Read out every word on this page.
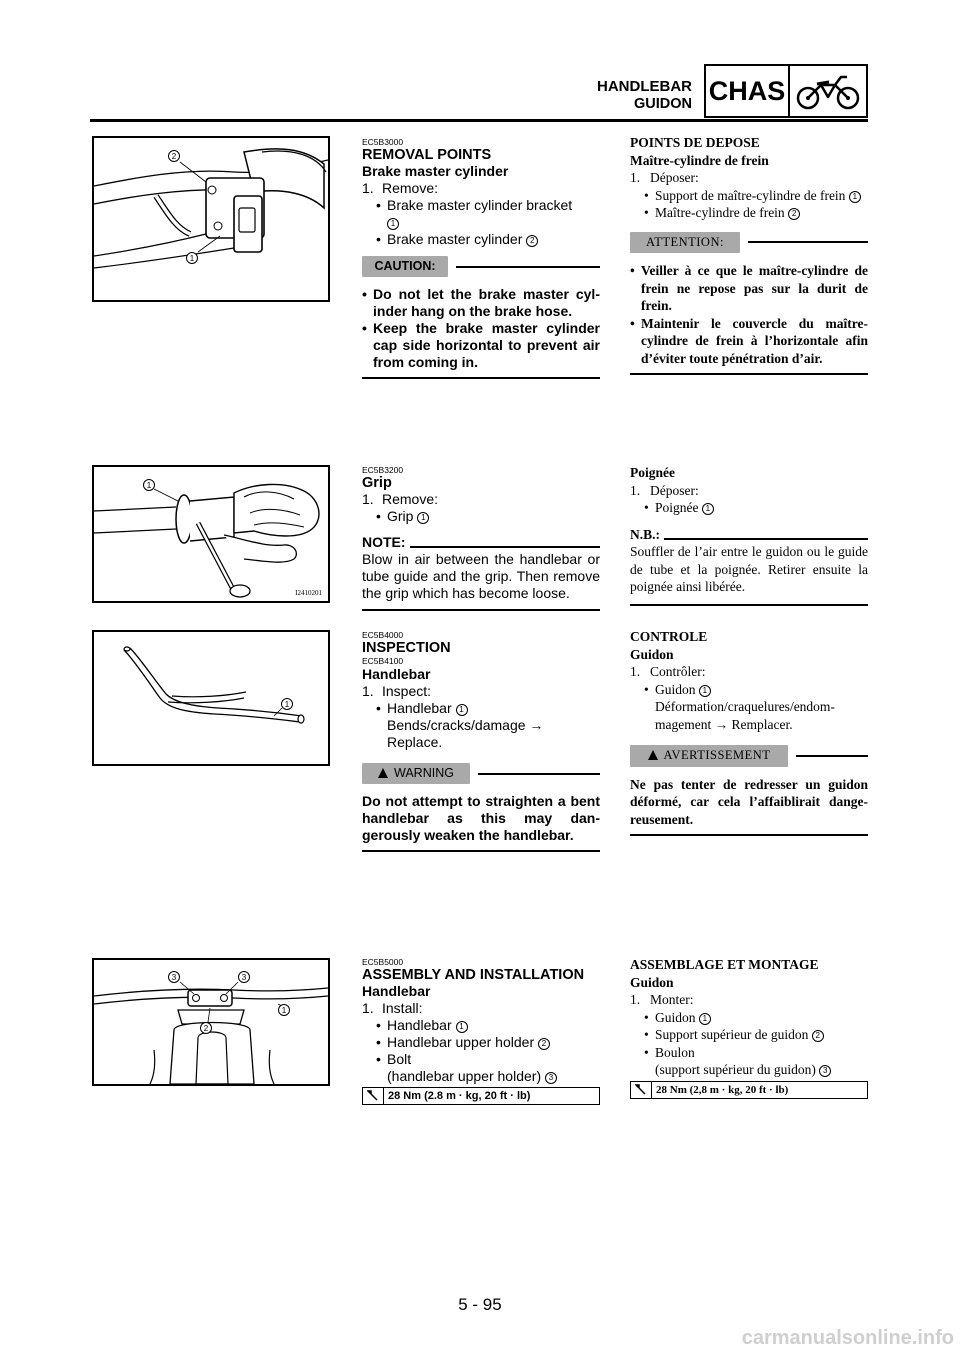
HANDLEBAR
GUIDON CHAS
2
1
EC5B3000
REMOVAL POINTS
Brake master cylinder
1. Remove:
• Brake master cylinder bracket
1
• Brake master cylinder 2
CAUTION:
• Do not let the brake master cyl-inder hang on the brake hose.
• Keep the brake master cylinder cap side horizontal to prevent air from coming in.
POINTS DE DEPOSE
Maître-cylindre de frein
1. Déposer:
• Support de maître-cylindre de frein 1
• Maître-cylindre de frein 2
ATTENTION:
• Veiller à ce que le maître-cylindre de frein ne repose pas sur la durit de frein.
• Maintenir le couvercle du maître-cylindre de frein à l’horizontale afin d’éviter toute pénétration d’air.
1
I2410201
EC5B3200
Grip
1. Remove:
• Grip 1
NOTE:
Blow in air between the handlebar or tube guide and the grip. Then remove the grip which has become loose.
Poignée
1. Déposer:
• Poignée 1
N.B.:
Souffler de l’air entre le guidon ou le guide de tube et la poignée. Retirer ensuite la poignée ainsi libérée.
1
EC5B4000
INSPECTION
EC5B4100
Handlebar
1. Inspect:
• Handlebar 1
Bends/cracks/damage → Replace.
WARNING
Do not attempt to straighten a bent handlebar as this may dan-gerously weaken the handlebar.
CONTROLE
Guidon
1. Contrôler:
• Guidon 1
Déformation/craquelures/endom-magement → Remplacer.
AVERTISSEMENT
Ne pas tenter de redresser un guidon déformé, car cela l’affaiblirait dange-reusement.
3	3
2
1
EC5B5000
ASSEMBLY AND INSTALLATION
Handlebar
1. Install:
• Handlebar 1
• Handlebar upper holder 2
• Bolt
(handlebar upper holder) 3
28 Nm (2.8 m · kg, 20 ft · lb)
ASSEMBLAGE ET MONTAGE
Guidon
1. Monter:
• Guidon 1
• Support supérieur de guidon 2
• Boulon
(support supérieur du guidon) 3
28 Nm (2,8 m · kg, 20 ft · lb)
5 - 95
carmanualsonline.info
